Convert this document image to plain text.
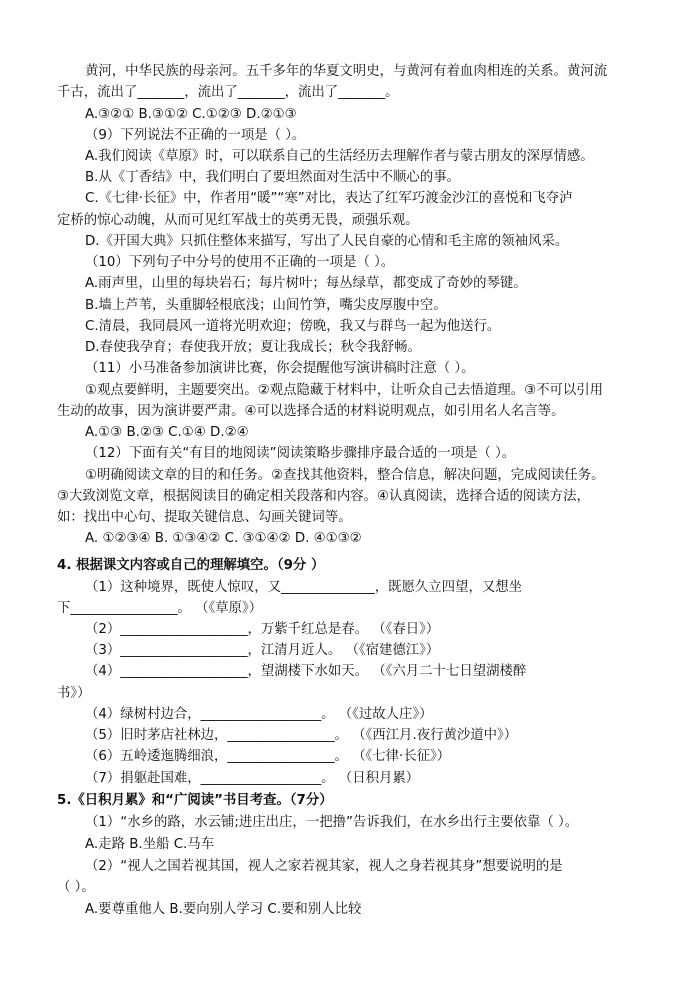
黄河，中华民族的母亲河。五千多年的华夏文明史，与黄河有着血肉相连的关系。黄河流
千古，流出了_______，流出了_______，流出了_______。
A.③②① B.③①② C.①②③ D.②①③
（9）下列说法不正确的一项是（ ）。
A.我们阅读《草原》时，可以联系自己的生活经历去理解作者与蒙古朋友的深厚情感。
B.从《丁香结》中，我们明白了要坦然面对生活中不顺心的事。
C.《七律·长征》中，作者用“暖”“寒”对比，表达了红军巧渡金沙江的喜悦和飞夺泸
定桥的惊心动魄，从而可见红军战士的英勇无畏，顽强乐观。
D.《开国大典》只抓住整体来描写，写出了人民自豪的心情和毛主席的领袖风采。
（10）下列句子中分号的使用不正确的一项是（ ）。
A.雨声里，山里的每块岩石；每片树叶；每丛绿草，都变成了奇妙的琴键。
B.墙上芦苇，头重脚轻根底浅；山间竹笋，嘴尖皮厚腹中空。
C.清晨，我同晨风一道将光明欢迎；傍晚，我又与群鸟一起为他送行。
D.春使我孕育；春使我开放；夏让我成长；秋令我舒畅。
（11）小马准备参加演讲比赛，你会提醒他写演讲稿时注意（ ）。
①观点要鲜明，主题要突出。②观点隐藏于材料中，让听众自己去悟道理。③不可以引用
生动的故事，因为演讲要严肃。④可以选择合适的材料说明观点，如引用名人名言等。
A.①③ B.②③ C.①④ D.②④
（12）下面有关“有目的地阅读”阅读策略步骤排序最合适的一项是（ ）。
①明确阅读文章的目的和任务。②查找其他资料，整合信息，解决问题，完成阅读任务。
③大致浏览文章，根据阅读目的确定相关段落和内容。④认真阅读，选择合适的阅读方法，
如：找出中心句、提取关键信息、勾画关键词等。
A. ①②③④ B. ①③④② C. ③①④② D. ④①③②
4. 根据课文内容或自己的理解填空。（9分 ）
（1）这种境界，既使人惊叹，又______________，既愿久立四望，又想坐
下________________。 （《草原》）
（2）___________________，万紫千红总是春。 （《春日》）
（3）___________________，江清月近人。 （《宿建德江》）
（4）___________________，望湖楼下水如天。 （《六月二十七日望湖楼醉
书》）
（4）绿树村边合，__________________。 （《过故人庄》）
（5）旧时茅店社林边，________________。 （《西江月.夜行黄沙道中》）
（6）五岭逶迤腾细浪，________________。 （《七律·长征》）
（7）捐躯赴国难，__________________。 （日积月累）
5.《日积月累》和“广阅读”书目考查。（7分）
（1）“水乡的路，水云铺;进庄出庄，一把撸”告诉我们，在水乡出行主要依靠（ ）。
A.走路 B.坐船 C.马车
（2）“视人之国若视其国，视人之家若视其家，视人之身若视其身”想要说明的是
（ ）。
A.要尊重他人 B.要向别人学习 C.要和别人比较
